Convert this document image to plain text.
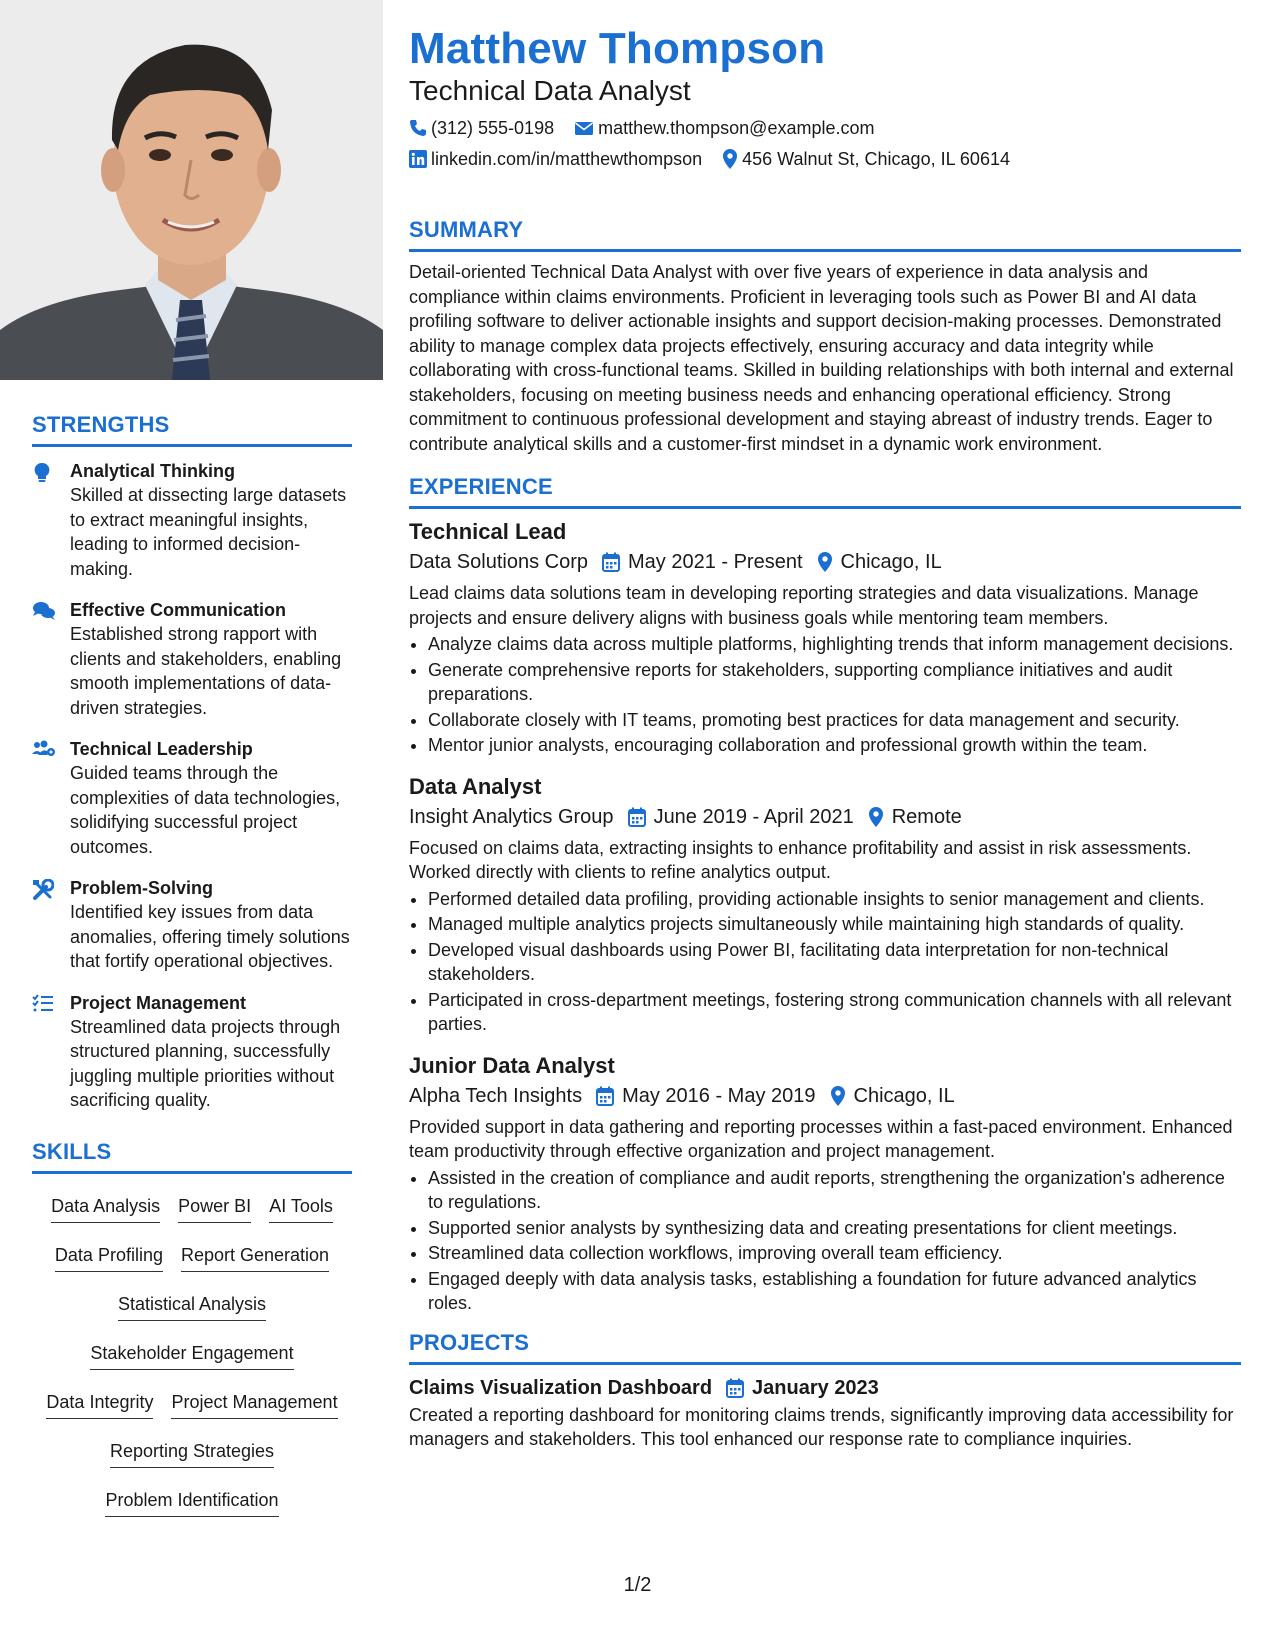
STRENGTHS
Analytical Thinking
Skilled at dissecting large datasets to extract meaningful insights, leading to informed decision-making.
Effective Communication
Established strong rapport with clients and stakeholders, enabling smooth implementations of data-driven strategies.
Technical Leadership
Guided teams through the complexities of data technologies, solidifying successful project outcomes.
Problem-Solving
Identified key issues from data anomalies, offering timely solutions that fortify operational objectives.
Project Management
Streamlined data projects through structured planning, successfully juggling multiple priorities without sacrificing quality.
SKILLS
Data Analysis Power BI AI Tools
Data Profiling Report Generation
Statistical Analysis
Stakeholder Engagement
Data Integrity Project Management
Reporting Strategies
Problem Identification
Matthew Thompson
Technical Data Analyst
(312) 555-0198 matthew.thompson@example.com
linkedin.com/in/matthewthompson 456 Walnut St, Chicago, IL 60614
SUMMARY
Detail-oriented Technical Data Analyst with over five years of experience in data analysis and compliance within claims environments. Proficient in leveraging tools such as Power BI and AI data profiling software to deliver actionable insights and support decision-making processes. Demonstrated ability to manage complex data projects effectively, ensuring accuracy and data integrity while collaborating with cross-functional teams. Skilled in building relationships with both internal and external stakeholders, focusing on meeting business needs and enhancing operational efficiency. Strong commitment to continuous professional development and staying abreast of industry trends. Eager to contribute analytical skills and a customer-first mindset in a dynamic work environment.
EXPERIENCE
Technical Lead
Data Solutions Corp May 2021 - Present Chicago, IL
Lead claims data solutions team in developing reporting strategies and data visualizations. Manage projects and ensure delivery aligns with business goals while mentoring team members.
• Analyze claims data across multiple platforms, highlighting trends that inform management decisions.
• Generate comprehensive reports for stakeholders, supporting compliance initiatives and audit preparations.
• Collaborate closely with IT teams, promoting best practices for data management and security.
• Mentor junior analysts, encouraging collaboration and professional growth within the team.
Data Analyst
Insight Analytics Group June 2019 - April 2021 Remote
Focused on claims data, extracting insights to enhance profitability and assist in risk assessments. Worked directly with clients to refine analytics output.
• Performed detailed data profiling, providing actionable insights to senior management and clients.
• Managed multiple analytics projects simultaneously while maintaining high standards of quality.
• Developed visual dashboards using Power BI, facilitating data interpretation for non-technical stakeholders.
• Participated in cross-department meetings, fostering strong communication channels with all relevant parties.
Junior Data Analyst
Alpha Tech Insights May 2016 - May 2019 Chicago, IL
Provided support in data gathering and reporting processes within a fast-paced environment. Enhanced team productivity through effective organization and project management.
• Assisted in the creation of compliance and audit reports, strengthening the organization's adherence to regulations.
• Supported senior analysts by synthesizing data and creating presentations for client meetings.
• Streamlined data collection workflows, improving overall team efficiency.
• Engaged deeply with data analysis tasks, establishing a foundation for future advanced analytics roles.
PROJECTS
Claims Visualization Dashboard January 2023
Created a reporting dashboard for monitoring claims trends, significantly improving data accessibility for managers and stakeholders. This tool enhanced our response rate to compliance inquiries.
1/2
